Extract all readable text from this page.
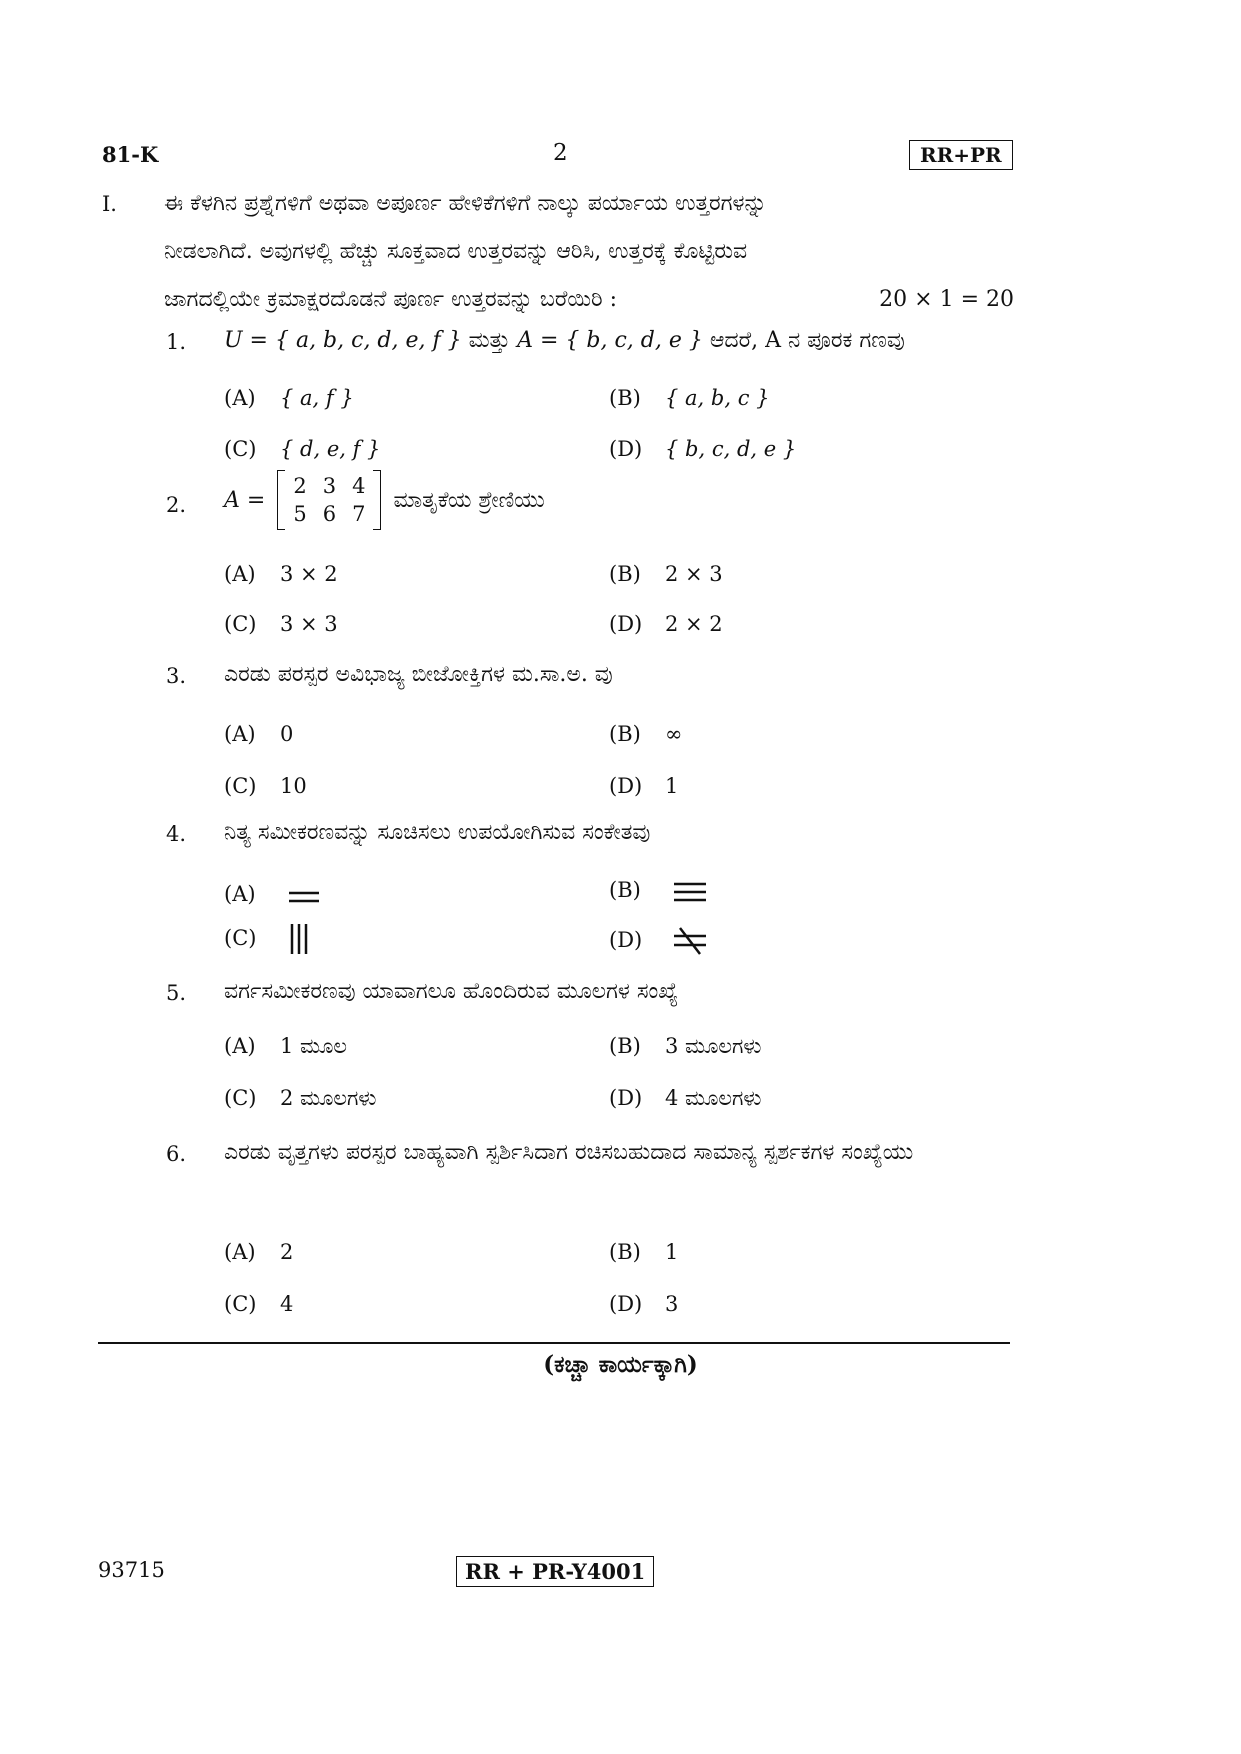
81-K	2	RR+PR
I. ಈ ಕೆಳಗಿನ ಪ್ರಶ್ನೆಗಳಿಗೆ ಅಥವಾ ಅಪೂರ್ಣ ಹೇಳಿಕೆಗಳಿಗೆ ನಾಲ್ಕು ಪರ್ಯಾಯ ಉತ್ತರಗಳನ್ನು
ನೀಡಲಾಗಿದೆ. ಅವುಗಳಲ್ಲಿ ಹೆಚ್ಚು ಸೂಕ್ತವಾದ ಉತ್ತರವನ್ನು ಆರಿಸಿ, ಉತ್ತರಕ್ಕೆ ಕೊಟ್ಟಿರುವ
ಜಾಗದಲ್ಲಿಯೇ ಕ್ರಮಾಕ್ಷರದೊಡನೆ ಪೂರ್ಣ ಉತ್ತರವನ್ನು ಬರೆಯಿರಿ :	20 × 1 = 20
1. U = { a, b, c, d, e, f } ಮತ್ತು A = { b, c, d, e } ಆದರೆ, A ನ ಪೂರಕ ಗಣವು
(A) { a, f }	(B) { a, b, c }
(C) { d, e, f }	(D) { b, c, d, e }
2. A =
2	3	4
5	6	7
ಮಾತೃಕೆಯ ಶ್ರೇಣಿಯು
(A) 3 × 2	(B) 2 × 3
(C) 3 × 3	(D) 2 × 2
3. ಎರಡು ಪರಸ್ಪರ ಅವಿಭಾಜ್ಯ ಬೀಜೋಕ್ತಿಗಳ ಮ.ಸಾ.ಅ. ವು
(A) 0	(B) ∞
(C) 10	(D) 1
4. ನಿತ್ಯ ಸಮೀಕರಣವನ್ನು ಸೂಚಿಸಲು ಉಪಯೋಗಿಸುವ ಸಂಕೇತವು
(A)	(B)
(C)	(D)
5. ವರ್ಗಸಮೀಕರಣವು ಯಾವಾಗಲೂ ಹೊಂದಿರುವ ಮೂಲಗಳ ಸಂಖ್ಯೆ
(A) 1 ಮೂಲ	(B) 3 ಮೂಲಗಳು
(C) 2 ಮೂಲಗಳು	(D) 4 ಮೂಲಗಳು
6. ಎರಡು ವೃತ್ತಗಳು ಪರಸ್ಪರ ಬಾಹ್ಯವಾಗಿ ಸ್ಪರ್ಶಿಸಿದಾಗ ರಚಿಸಬಹುದಾದ ಸಾಮಾನ್ಯ ಸ್ಪರ್ಶಕಗಳ ಸಂಖ್ಯೆಯು
(A) 2	(B) 1
(C) 4	(D) 3
(ಕಚ್ಚಾ ಕಾರ್ಯಕ್ಕಾಗಿ)
93715	RR + PR-Y4001
